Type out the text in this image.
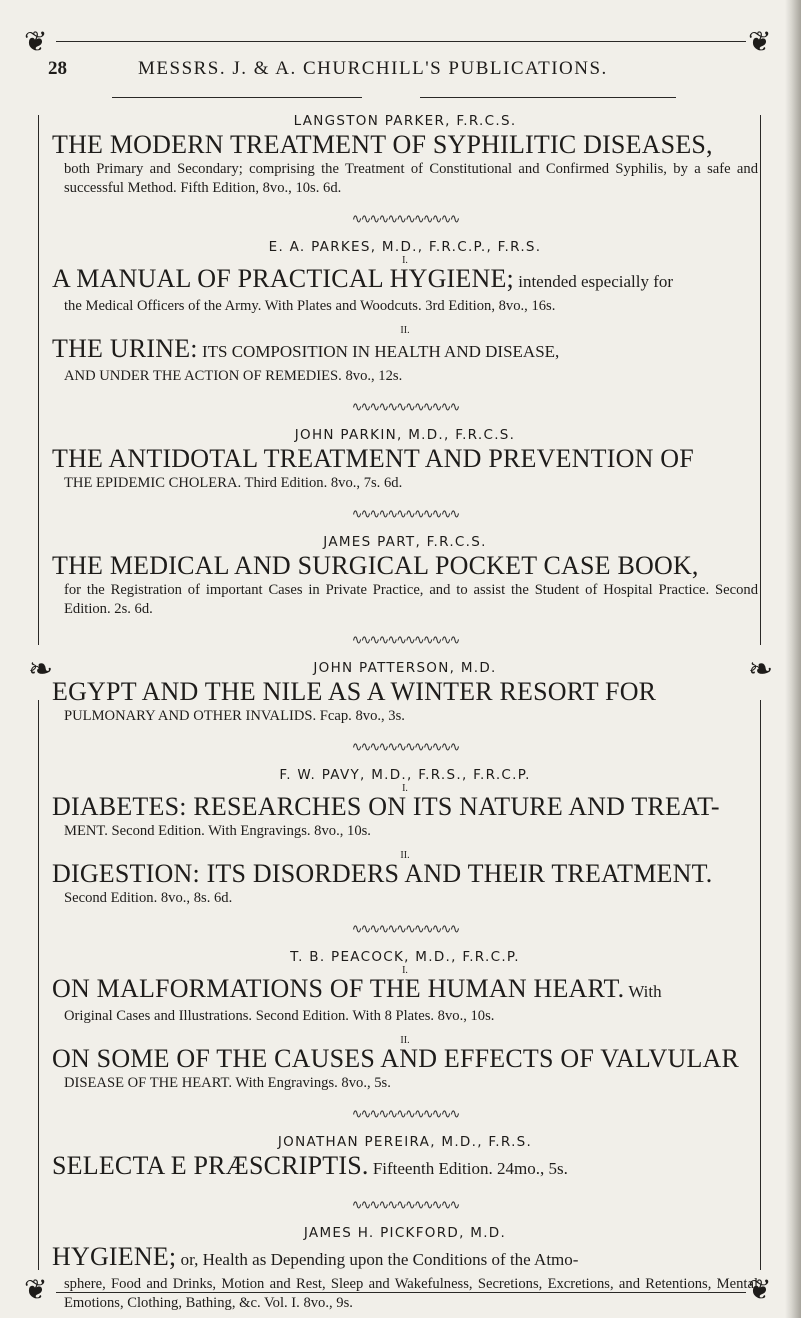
❦	❦
❦	❦
❧	❧
28	MESSRS. J. & A. CHURCHILL'S PUBLICATIONS.

LANGSTON PARKER, F.R.C.S.

THE MODERN TREATMENT OF SYPHILITIC DISEASES,

both Primary and Secondary; comprising the Treatment of Constitutional and Confirmed Syphilis, by a safe and successful Method. Fifth Edition, 8vo., 10s. 6d.

∿∿∿∿∿∿∿∿∿∿∿∿

E. A. PARKES, M.D., F.R.C.P., F.R.S.

I.

A MANUAL OF PRACTICAL HYGIENE; intended especially for

the Medical Officers of the Army. With Plates and Woodcuts. 3rd Edition, 8vo., 16s.

II.

THE URINE: ITS COMPOSITION IN HEALTH AND DISEASE,

AND UNDER THE ACTION OF REMEDIES. 8vo., 12s.

∿∿∿∿∿∿∿∿∿∿∿∿

JOHN PARKIN, M.D., F.R.C.S.

THE ANTIDOTAL TREATMENT AND PREVENTION OF

THE EPIDEMIC CHOLERA. Third Edition. 8vo., 7s. 6d.

∿∿∿∿∿∿∿∿∿∿∿∿

JAMES PART, F.R.C.S.

THE MEDICAL AND SURGICAL POCKET CASE BOOK,

for the Registration of important Cases in Private Practice, and to assist the Student of Hospital Practice. Second Edition. 2s. 6d.

∿∿∿∿∿∿∿∿∿∿∿∿

JOHN PATTERSON, M.D.

EGYPT AND THE NILE AS A WINTER RESORT FOR

PULMONARY AND OTHER INVALIDS. Fcap. 8vo., 3s.

∿∿∿∿∿∿∿∿∿∿∿∿

F. W. PAVY, M.D., F.R.S., F.R.C.P.

I.

DIABETES: RESEARCHES ON ITS NATURE AND TREAT-

MENT. Second Edition. With Engravings. 8vo., 10s.

II.

DIGESTION: ITS DISORDERS AND THEIR TREATMENT.

Second Edition. 8vo., 8s. 6d.

∿∿∿∿∿∿∿∿∿∿∿∿

T. B. PEACOCK, M.D., F.R.C.P.

I.

ON MALFORMATIONS OF THE HUMAN HEART. With

Original Cases and Illustrations. Second Edition. With 8 Plates. 8vo., 10s.

II.

ON SOME OF THE CAUSES AND EFFECTS OF VALVULAR

DISEASE OF THE HEART. With Engravings. 8vo., 5s.

∿∿∿∿∿∿∿∿∿∿∿∿

JONATHAN PEREIRA, M.D., F.R.S.

SELECTA E PRÆSCRIPTIS. Fifteenth Edition. 24mo., 5s.
∿∿∿∿∿∿∿∿∿∿∿∿

JAMES H. PICKFORD, M.D.

HYGIENE; or, Health as Depending upon the Conditions of the Atmo-

sphere, Food and Drinks, Motion and Rest, Sleep and Wakefulness, Secretions, Excretions, and Retentions, Mental Emotions, Clothing, Bathing, &c. Vol. I. 8vo., 9s.
